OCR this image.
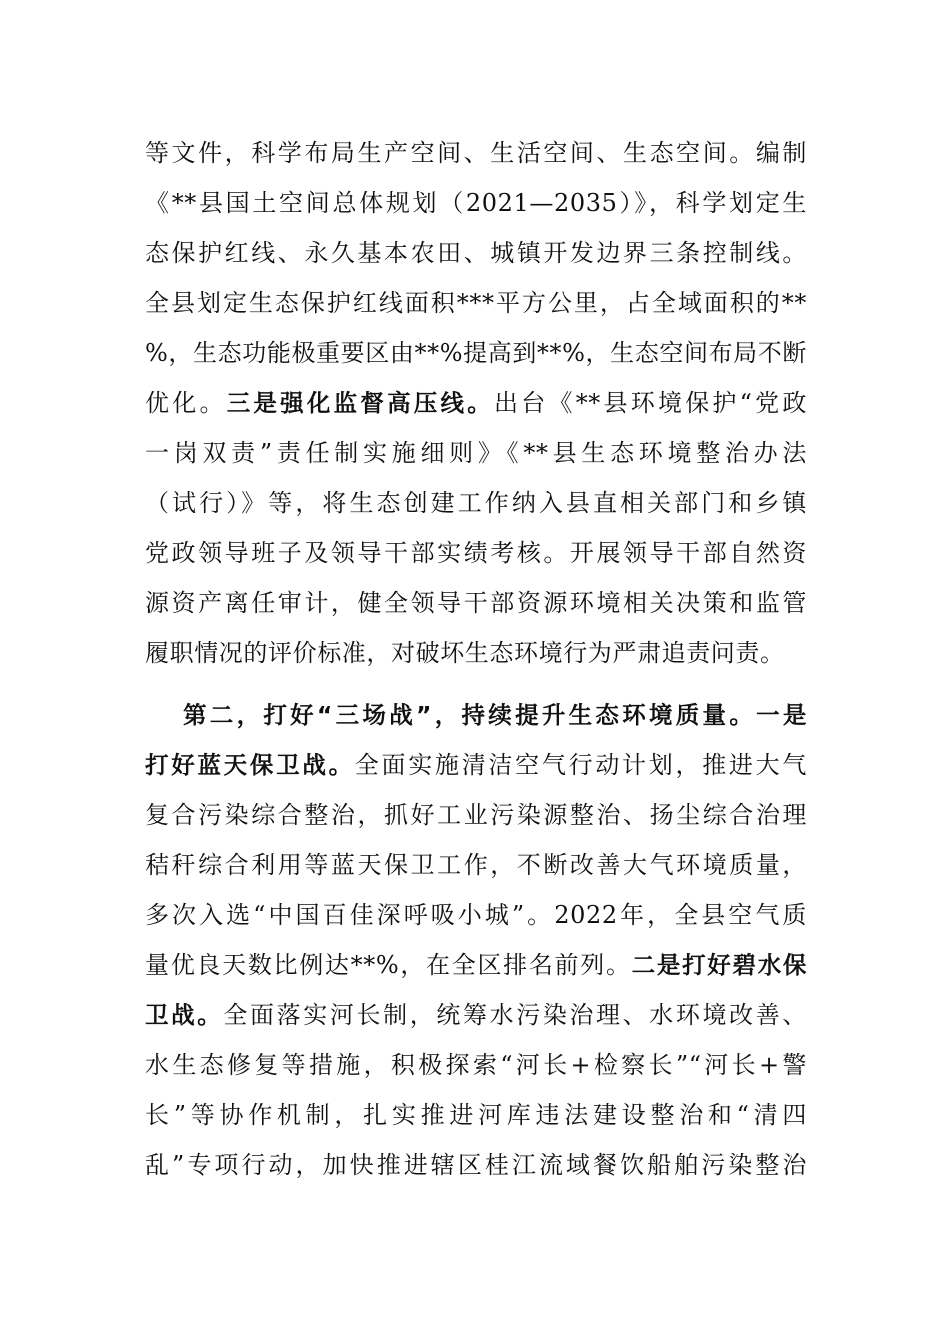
等文件，科学布局生产空间、生活空间、生态空间。编制
《**县国土空间总体规划（2021—2035）》，科学划定生
态保护红线、永久基本农田、城镇开发边界三条控制线。
全县划定生态保护红线面积***平方公里，占全域面积的**
%，生态功能极重要区由**%提高到**%，生态空间布局不断
优化。三是强化监督高压线。出台《**县环境保护“党政
一岗双责”责任制实施细则》《**县生态环境整治办法
（试行）》等，将生态创建工作纳入县直相关部门和乡镇
党政领导班子及领导干部实绩考核。开展领导干部自然资
源资产离任审计，健全领导干部资源环境相关决策和监管
履职情况的评价标准，对破坏生态环境行为严肃追责问责。
第二，打好“三场战”，持续提升生态环境质量。一是
打好蓝天保卫战。全面实施清洁空气行动计划，推进大气
复合污染综合整治，抓好工业污染源整治、扬尘综合治理
秸秆综合利用等蓝天保卫工作，不断改善大气环境质量，
多次入选“中国百佳深呼吸小城”。2022年，全县空气质
量优良天数比例达**%，在全区排名前列。二是打好碧水保
卫战。全面落实河长制，统筹水污染治理、水环境改善、
水生态修复等措施，积极探索“河长+检察长”“河长+警
长”等协作机制，扎实推进河库违法建设整治和“清四
乱”专项行动，加快推进辖区桂江流域餐饮船舶污染整治
